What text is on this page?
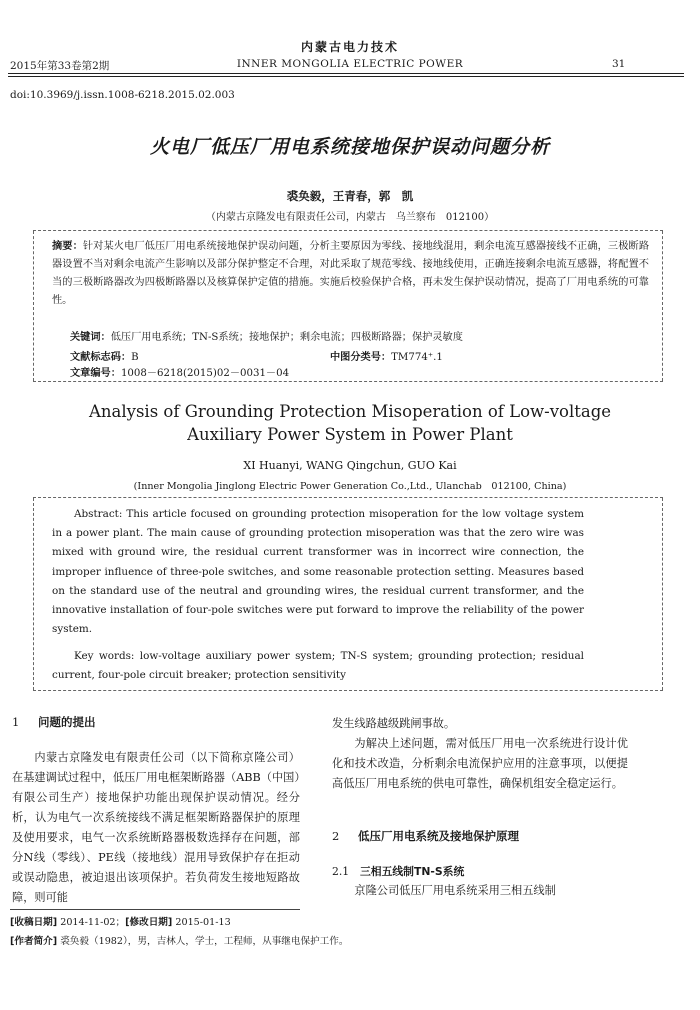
内蒙古电力技术
2015年第33卷第2期	INNER MONGOLIA ELECTRIC POWER	31
doi:10.3969/j.issn.1008-6218.2015.02.003
火电厂低压厂用电系统接地保护误动问题分析
裘奂毅，王青春，郭　凯
（内蒙古京隆发电有限责任公司，内蒙古　乌兰察布　012100）
摘要：针对某火电厂低压厂用电系统接地保护误动问题，分析主要原因为零线、接地线混用，剩余电流互感器接线不正确，三极断路器设置不当对剩余电流产生影响以及部分保护整定不合理，对此采取了规范零线、接地线使用，正确连接剩余电流互感器，将配置不当的三极断路器改为四极断路器以及核算保护定值的措施。实施后校验保护合格，再未发生保护误动情况，提高了厂用电系统的可靠性。
关键词：低压厂用电系统；TN-S系统；接地保护；剩余电流；四极断路器；保护灵敏度
文献标志码：B	中图分类号：TM774⁺.1
文章编号：1008－6218(2015)02－0031－04
Analysis of Grounding Protection Misoperation of Low-voltage Auxiliary Power System in Power Plant
XI Huanyi, WANG Qingchun, GUO Kai
(Inner Mongolia Jinglong Electric Power Generation Co.,Ltd., Ulanchab　012100, China)
Abstract: This article focused on grounding protection misoperation for the low voltage system in a power plant. The main cause of grounding protection misoperation was that the zero wire was mixed with ground wire, the residual current transformer was in incorrect wire connection, the improper influence of three-pole switches, and some reasonable protection setting. Measures based on the standard use of the neutral and grounding wires, the residual current transformer, and the innovative installation of four-pole switches were put forward to improve the reliability of the power system.
Key words: low-voltage auxiliary power system; TN-S system; grounding protection; residual current, four-pole circuit breaker; protection sensitivity
1 问题的提出
内蒙古京隆发电有限责任公司（以下简称京隆公司）在基建调试过程中，低压厂用电框架断路器（ABB（中国）有限公司生产）接地保护功能出现保护误动情况。经分析，认为电气一次系统接线不满足框架断路器保护的原理及使用要求，电气一次系统断路器极数选择存在问题，部分N线（零线）、PE线（接地线）混用导致保护存在拒动或误动隐患，被迫退出该项保护。若负荷发生接地短路故障，则可能
发生线路越级跳闸事故。
为解决上述问题，需对低压厂用电一次系统进行设计优化和技术改造，分析剩余电流保护应用的注意事项，以便提高低压厂用电系统的供电可靠性，确保机组安全稳定运行。
2 低压厂用电系统及接地保护原理
2.1 三相五线制TN-S系统
京隆公司低压厂用电系统采用三相五线制
[收稿日期] 2014-11-02；[修改日期] 2015-01-13
[作者简介] 裘奂毅（1982），男，吉林人，学士，工程师，从事继电保护工作。
